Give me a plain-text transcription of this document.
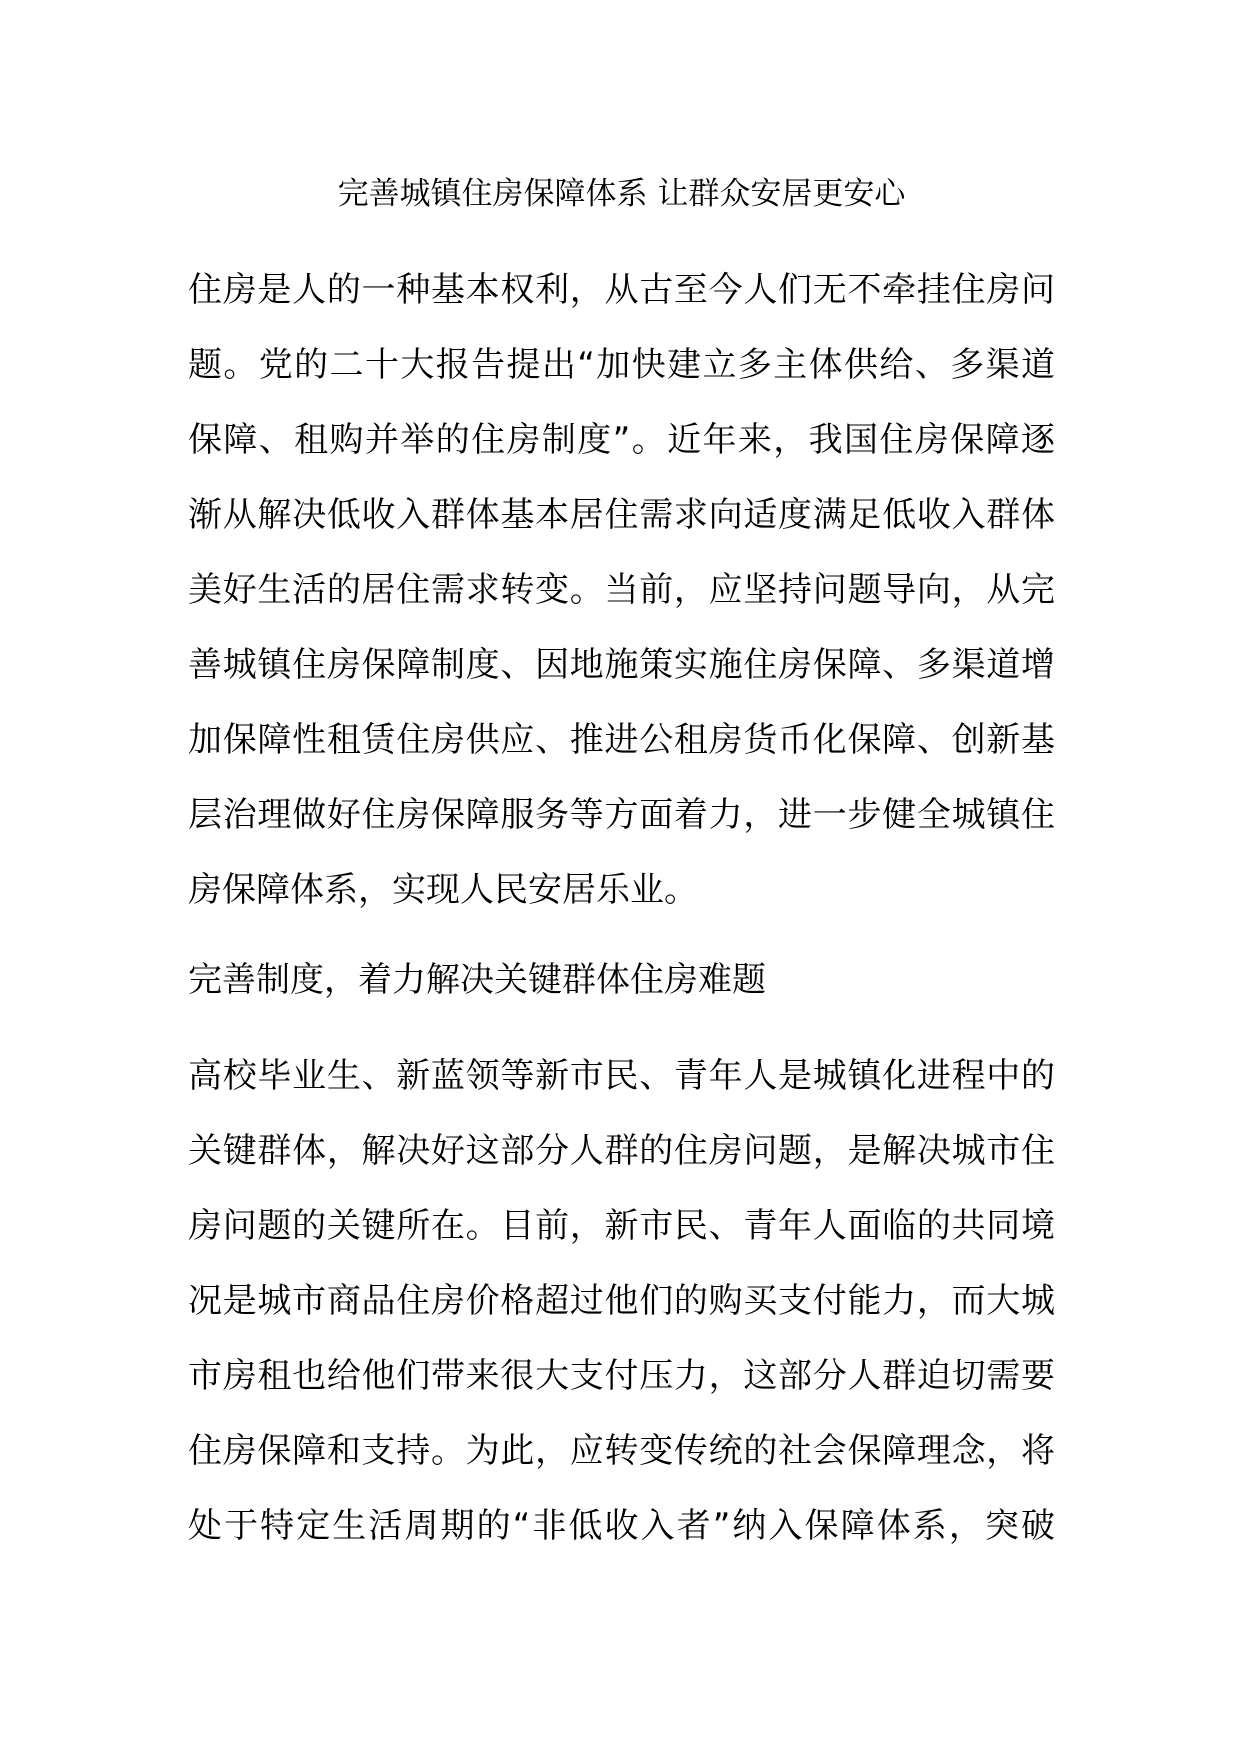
完善城镇住房保障体系 让群众安居更安心
住房是人的一种基本权利，从古至今人们无不牵挂住房问
题。党的二十大报告提出“加快建立多主体供给、多渠道
保障、租购并举的住房制度”。近年来，我国住房保障逐
渐从解决低收入群体基本居住需求向适度满足低收入群体
美好生活的居住需求转变。当前，应坚持问题导向，从完
善城镇住房保障制度、因地施策实施住房保障、多渠道增
加保障性租赁住房供应、推进公租房货币化保障、创新基
层治理做好住房保障服务等方面着力，进一步健全城镇住
房保障体系，实现人民安居乐业。
完善制度，着力解决关键群体住房难题
高校毕业生、新蓝领等新市民、青年人是城镇化进程中的
关键群体，解决好这部分人群的住房问题，是解决城市住
房问题的关键所在。目前，新市民、青年人面临的共同境
况是城市商品住房价格超过他们的购买支付能力，而大城
市房租也给他们带来很大支付压力，这部分人群迫切需要
住房保障和支持。为此，应转变传统的社会保障理念，将
处于特定生活周期的“非低收入者”纳入保障体系，突破
